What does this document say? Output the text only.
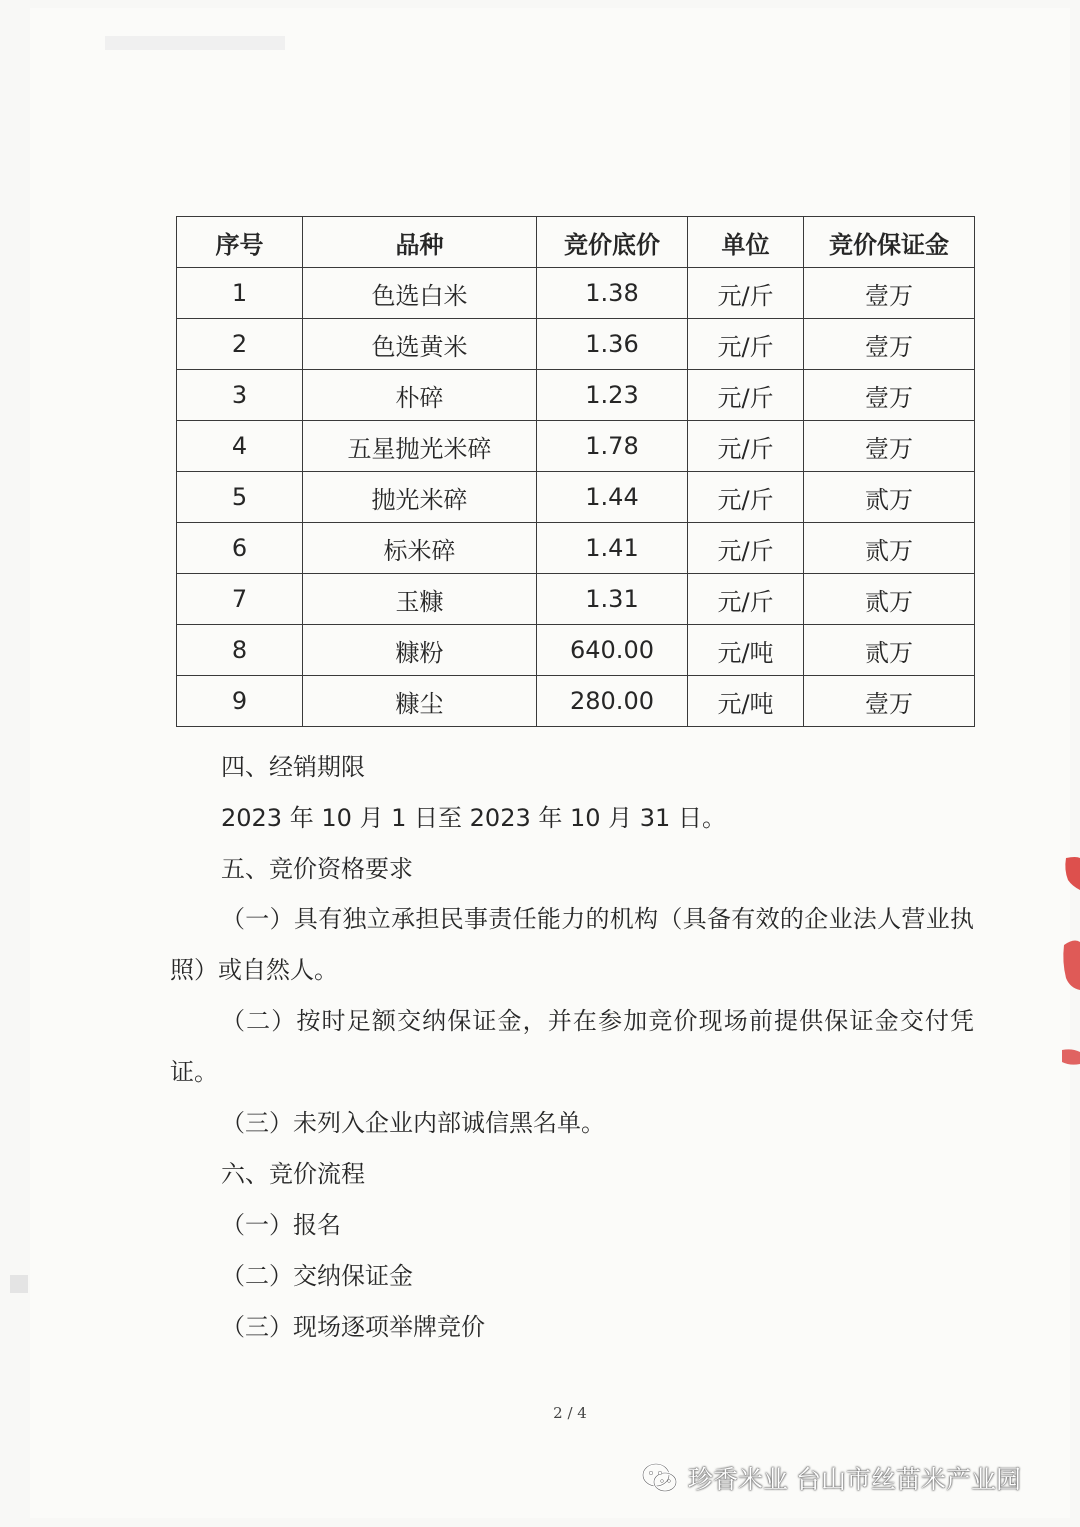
序号	品种	竞价底价	单位	竞价保证金
1	色选白米	1.38	元/斤	壹万
2	色选黄米	1.36	元/斤	壹万
3	朴碎	1.23	元/斤	壹万
4	五星抛光米碎	1.78	元/斤	壹万
5	抛光米碎	1.44	元/斤	贰万
6	标米碎	1.41	元/斤	贰万
7	玉糠	1.31	元/斤	贰万
8	糠粉	640.00	元/吨	贰万
9	糠尘	280.00	元/吨	壹万
四、经销期限
2023 年 10 月 1 日至 2023 年 10 月 31 日。
五、竞价资格要求
（一）具有独立承担民事责任能力的机构（具备有效的企业法人营业执照）或自然人。
（二）按时足额交纳保证金，并在参加竞价现场前提供保证金交付凭证。
（三）未列入企业内部诚信黑名单。
六、竞价流程
（一）报名
（二）交纳保证金
（三）现场逐项举牌竞价
2 / 4
珍香米业 台山市丝苗米产业园
